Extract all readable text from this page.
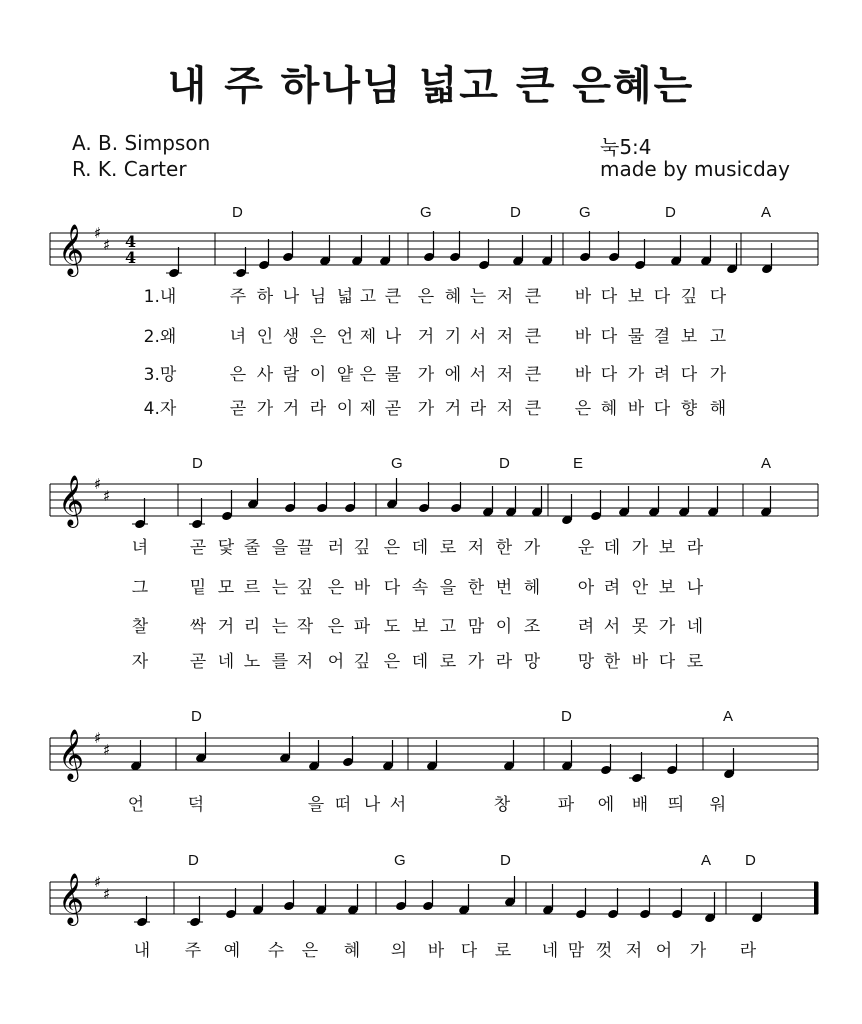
내 주 하나님 넓고 큰 은혜는
A. B. Simpson
R. K. Carter
눅5:4
made by musicday
𝄞 ♯
♯ 4
4
D	G	D	G	D	A
1.내	주 하 나 님 넓 고 큰 은 혜 는 저 큰	바 다 보 다 깊 다
2.왜	녀 인 생 은 언 제 나 거 기 서 저 큰	바 다 물 결 보 고
3.망	은 사 람 이 얕 은 물 가 에 서 저 큰	바 다 가 려 다 가
4.자	곧 가 거 라 이 제 곧 가 거 라 저 큰	은 혜 바 다 향 해
𝄞 ♯
♯
D	G	D	E	A
녀	곧 닻 줄 을 끌 러 깊 은 데 로 저 한 가	운 데 가 보 라
그	밑 모 르 는 깊 은 바 다 속 을 한 번 헤	아 려 안 보 나
찰	싹 거 리 는 작 은 파 도 보 고 맘 이 조	려 서 못 가 네
자	곧 네 노 를 저 어 깊 은 데 로 가 라 망	망 한 바 다 로
𝄞 ♯
♯
D	D	A
언	덕	을 떠 나 서	창	파	에	배	띄	워
𝄞 ♯
♯
D	G	D	A D
내	주	예	수	은	혜	의	바 다	로	네 맘 껏 저 어	가	라
